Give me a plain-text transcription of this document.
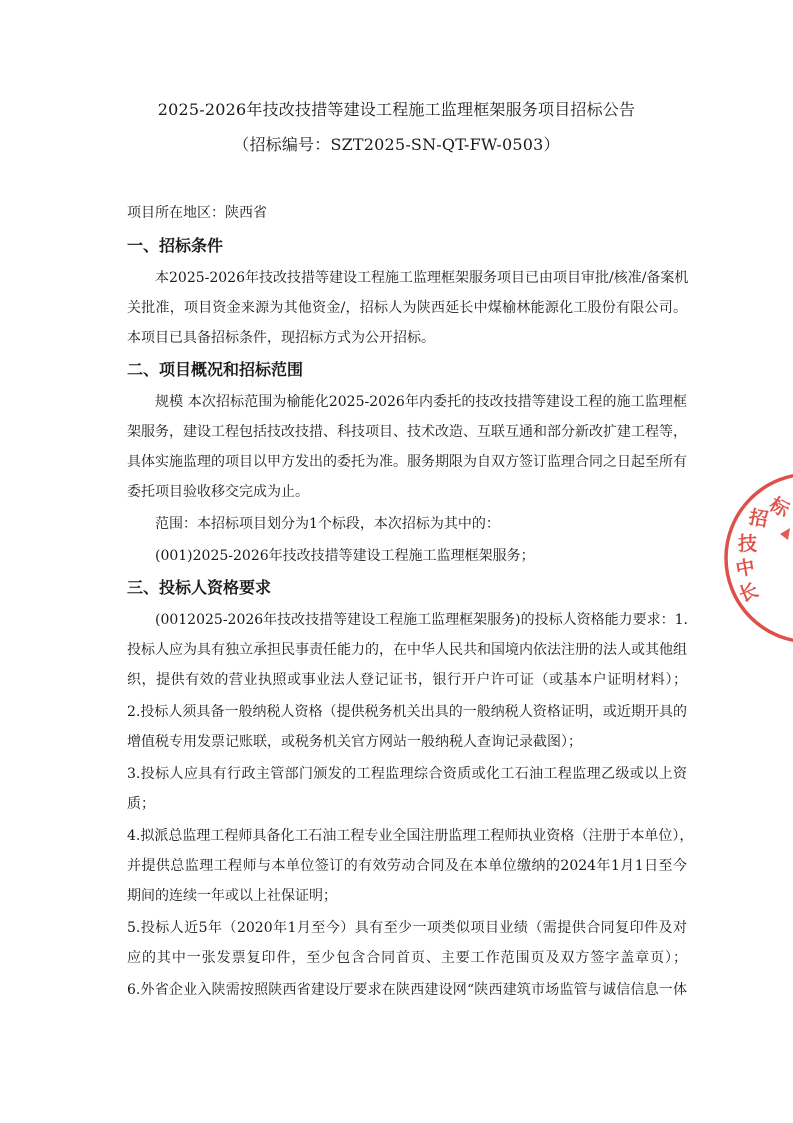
2025-2026年技改技措等建设工程施工监理框架服务项目招标公告
（招标编号：SZT2025-SN-QT-FW-0503）
项目所在地区：陕西省
一、招标条件
本2025-2026年技改技措等建设工程施工监理框架服务项目已由项目审批/核准/备案机
关批准，项目资金来源为其他资金/，招标人为陕西延长中煤榆林能源化工股份有限公司。
本项目已具备招标条件，现招标方式为公开招标。
二、项目概况和招标范围
规模 本次招标范围为榆能化2025-2026年内委托的技改技措等建设工程的施工监理框
架服务，建设工程包括技改技措、科技项目、技术改造、互联互通和部分新改扩建工程等，
具体实施监理的项目以甲方发出的委托为准。服务期限为自双方签订监理合同之日起至所有
委托项目验收移交完成为止。
范围：本招标项目划分为1个标段，本次招标为其中的：
(001)2025-2026年技改技措等建设工程施工监理框架服务；
三、投标人资格要求
(0012025-2026年技改技措等建设工程施工监理框架服务)的投标人资格能力要求：1.
投标人应为具有独立承担民事责任能力的，在中华人民共和国境内依法注册的法人或其他组
织，提供有效的营业执照或事业法人登记证书，银行开户许可证（或基本户证明材料）；
2.投标人须具备一般纳税人资格（提供税务机关出具的一般纳税人资格证明，或近期开具的
增值税专用发票记账联，或税务机关官方网站一般纳税人查询记录截图）；
3.投标人应具有行政主管部门颁发的工程监理综合资质或化工石油工程监理乙级或以上资
质；
4.拟派总监理工程师具备化工石油工程专业全国注册监理工程师执业资格（注册于本单位），
并提供总监理工程师与本单位签订的有效劳动合同及在本单位缴纳的2024年1月1日至今
期间的连续一年或以上社保证明；
5.投标人近5年（2020年1月至今）具有至少一项类似项目业绩（需提供合同复印件及对
应的其中一张发票复印件，至少包含合同首页、主要工作范围页及双方签字盖章页）；
6.外省企业入陕需按照陕西省建设厅要求在陕西建设网“陕西建筑市场监管与诚信信息一体
标
招
技
中
长
